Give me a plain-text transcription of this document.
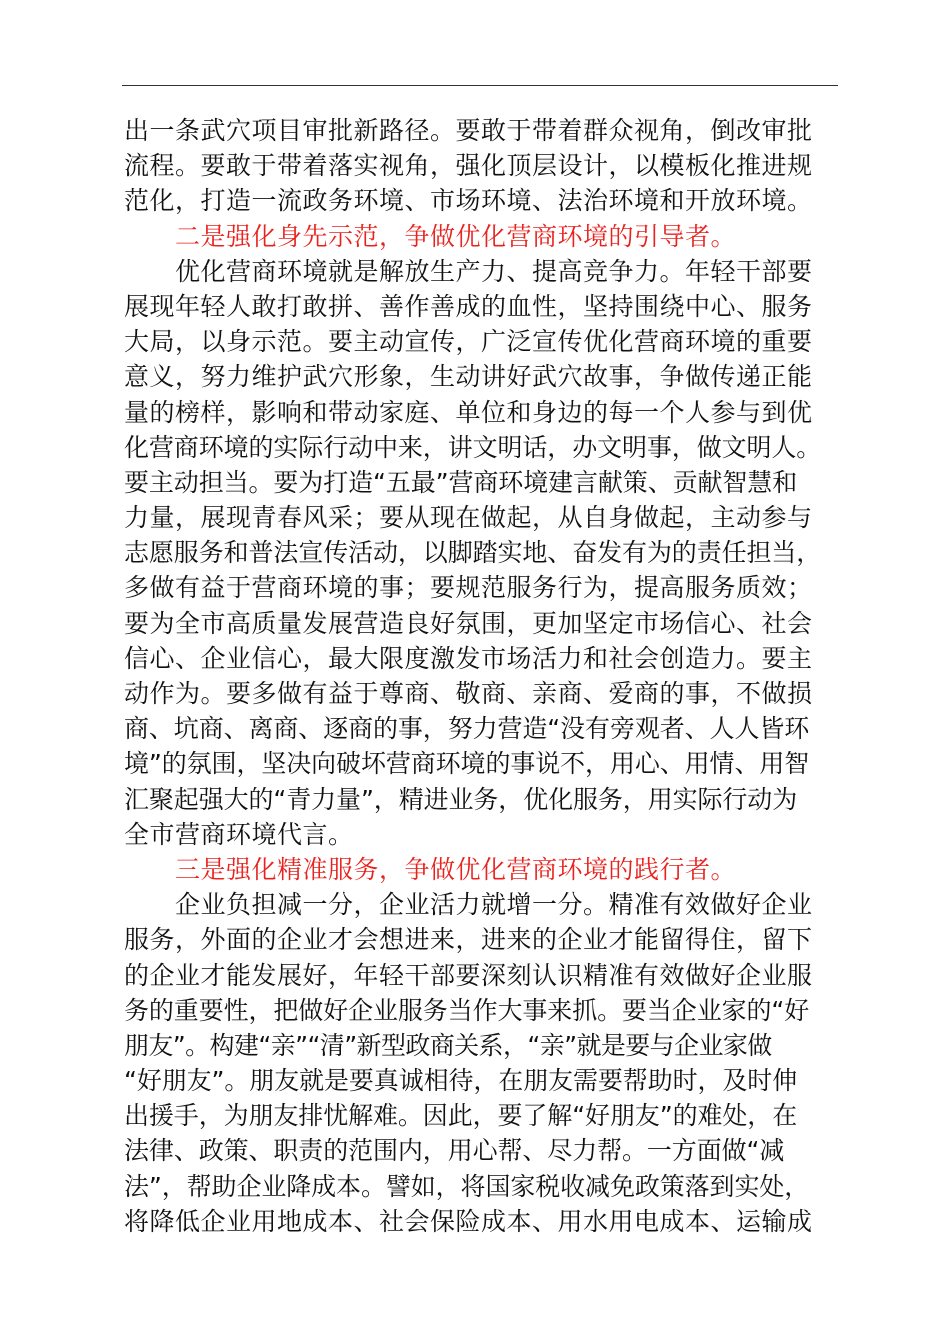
出一条武穴项目审批新路径。要敢于带着群众视角，倒改审批
流程。要敢于带着落实视角，强化顶层设计，以模板化推进规
范化，打造一流政务环境、市场环境、法治环境和开放环境。
　　二是强化身先示范，争做优化营商环境的引导者。
　　优化营商环境就是解放生产力、提高竞争力。年轻干部要
展现年轻人敢打敢拼、善作善成的血性，坚持围绕中心、服务
大局，以身示范。要主动宣传，广泛宣传优化营商环境的重要
意义，努力维护武穴形象，生动讲好武穴故事，争做传递正能
量的榜样，影响和带动家庭、单位和身边的每一个人参与到优
化营商环境的实际行动中来，讲文明话，办文明事，做文明人。
要主动担当。要为打造“五最”营商环境建言献策、贡献智慧和
力量，展现青春风采；要从现在做起，从自身做起，主动参与
志愿服务和普法宣传活动，以脚踏实地、奋发有为的责任担当，
多做有益于营商环境的事；要规范服务行为，提高服务质效；
要为全市高质量发展营造良好氛围，更加坚定市场信心、社会
信心、企业信心，最大限度激发市场活力和社会创造力。要主
动作为。要多做有益于尊商、敬商、亲商、爱商的事，不做损
商、坑商、离商、逐商的事，努力营造“没有旁观者、人人皆环
境”的氛围，坚决向破坏营商环境的事说不，用心、用情、用智
汇聚起强大的“青力量”，精进业务，优化服务，用实际行动为
全市营商环境代言。
　　三是强化精准服务，争做优化营商环境的践行者。
　　企业负担减一分，企业活力就增一分。精准有效做好企业
服务，外面的企业才会想进来，进来的企业才能留得住，留下
的企业才能发展好，年轻干部要深刻认识精准有效做好企业服
务的重要性，把做好企业服务当作大事来抓。要当企业家的“好
朋友”。构建“亲”“清”新型政商关系，“亲”就是要与企业家做
“好朋友”。朋友就是要真诚相待，在朋友需要帮助时，及时伸
出援手，为朋友排忧解难。因此，要了解“好朋友”的难处，在
法律、政策、职责的范围内，用心帮、尽力帮。一方面做“减
法”，帮助企业降成本。譬如，将国家税收减免政策落到实处，
将降低企业用地成本、社会保险成本、用水用电成本、运输成
